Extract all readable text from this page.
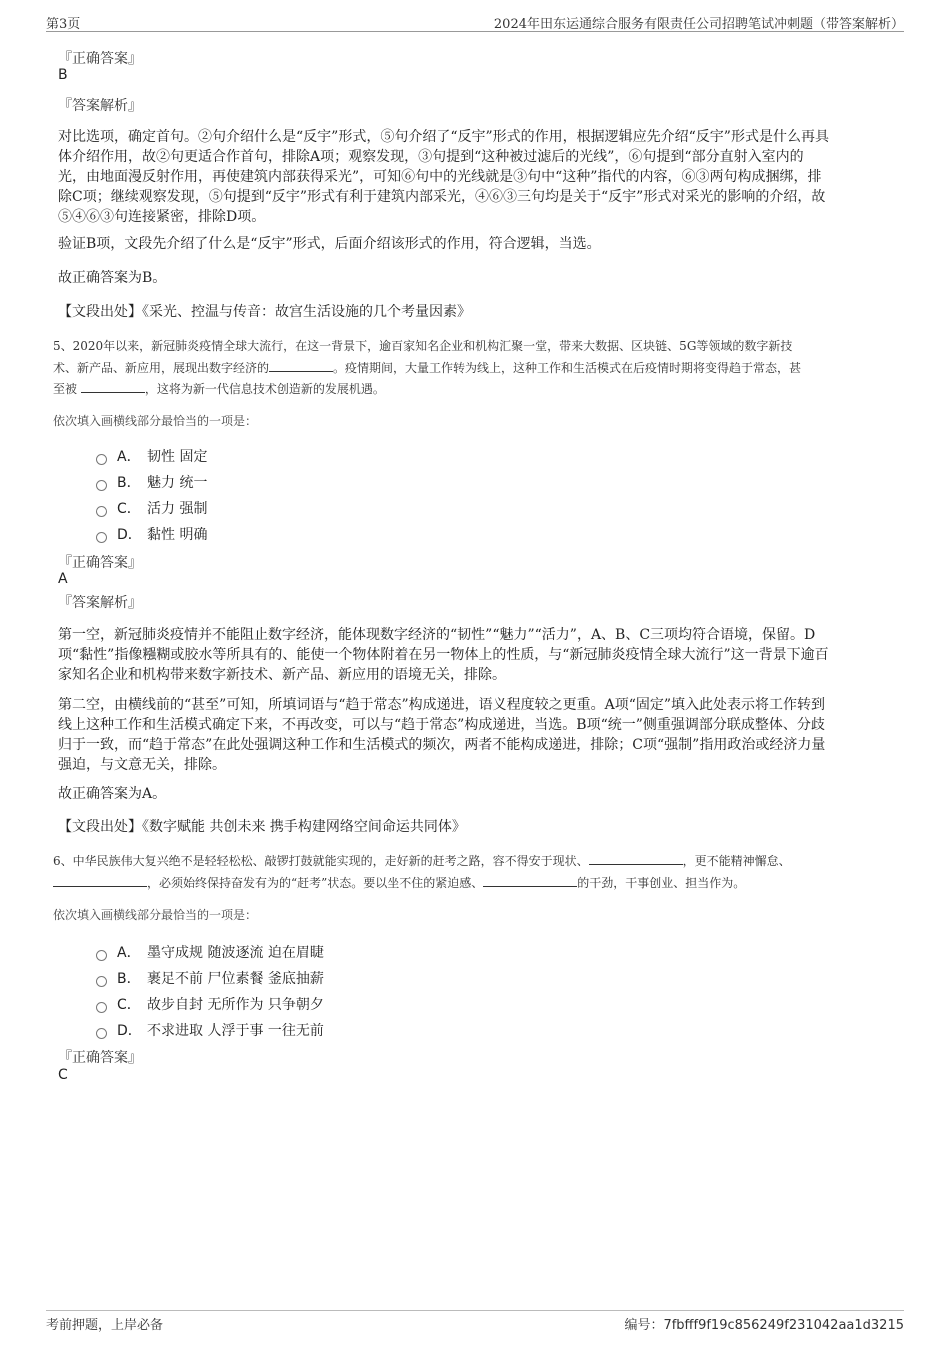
第3页	2024年田东运通综合服务有限责任公司招聘笔试冲刺题（带答案解析）
『正确答案』
B
『答案解析』
对比选项，确定首句。②句介绍什么是“反宇”形式，⑤句介绍了“反宇”形式的作用，根据逻辑应先介绍“反宇”形式是什么再具
体介绍作用，故②句更适合作首句，排除A项；观察发现，③句提到“这种被过滤后的光线”，⑥句提到“部分直射入室内的
光，由地面漫反射作用，再使建筑内部获得采光”，可知⑥句中的光线就是③句中“这种”指代的内容，⑥③两句构成捆绑，排
除C项；继续观察发现，⑤句提到“反宇”形式有利于建筑内部采光，④⑥③三句均是关于“反宇”形式对采光的影响的介绍，故
⑤④⑥③句连接紧密，排除D项。
验证B项，文段先介绍了什么是“反宇”形式，后面介绍该形式的作用，符合逻辑，当选。
故正确答案为B。
【文段出处】《采光、控温与传音：故宫生活设施的几个考量因素》
5、2020年以来，新冠肺炎疫情全球大流行，在这一背景下，逾百家知名企业和机构汇聚一堂，带来大数据、区块链、5G等领域的数字新技
术、新产品、新应用，展现出数字经济的	。疫情期间，大量工作转为线上，这种工作和生活模式在后疫情时期将变得趋于常态，甚
至被	，这将为新一代信息技术创造新的发展机遇。
依次填入画横线部分最恰当的一项是：
A． 韧性 固定
B． 魅力 统一
C． 活力 强制
D． 黏性 明确
『正确答案』
A
『答案解析』
第一空，新冠肺炎疫情并不能阻止数字经济，能体现数字经济的“韧性”“魅力”“活力”，A、B、C三项均符合语境，保留。D
项“黏性”指像糨糊或胶水等所具有的、能使一个物体附着在另一物体上的性质，与“新冠肺炎疫情全球大流行”这一背景下逾百
家知名企业和机构带来数字新技术、新产品、新应用的语境无关，排除。
第二空，由横线前的“甚至”可知，所填词语与“趋于常态”构成递进，语义程度较之更重。A项“固定”填入此处表示将工作转到
线上这种工作和生活模式确定下来，不再改变，可以与“趋于常态”构成递进，当选。B项“统一”侧重强调部分联成整体、分歧
归于一致，而“趋于常态”在此处强调这种工作和生活模式的频次，两者不能构成递进，排除；C项“强制”指用政治或经济力量
强迫，与文意无关，排除。
故正确答案为A。
【文段出处】《数字赋能 共创未来 携手构建网络空间命运共同体》
6、中华民族伟大复兴绝不是轻轻松松、敲锣打鼓就能实现的，走好新的赶考之路，容不得安于现状、	，更不能精神懈怠、
，必须始终保持奋发有为的“赶考”状态。要以坐不住的紧迫感、	的干劲，干事创业、担当作为。
依次填入画横线部分最恰当的一项是：
A． 墨守成规 随波逐流 迫在眉睫
B． 裹足不前 尸位素餐 釜底抽薪
C． 故步自封 无所作为 只争朝夕
D． 不求进取 人浮于事 一往无前
『正确答案』
C
考前押题，上岸必备	编号：7fbfff9f19c856249f231042aa1d3215
